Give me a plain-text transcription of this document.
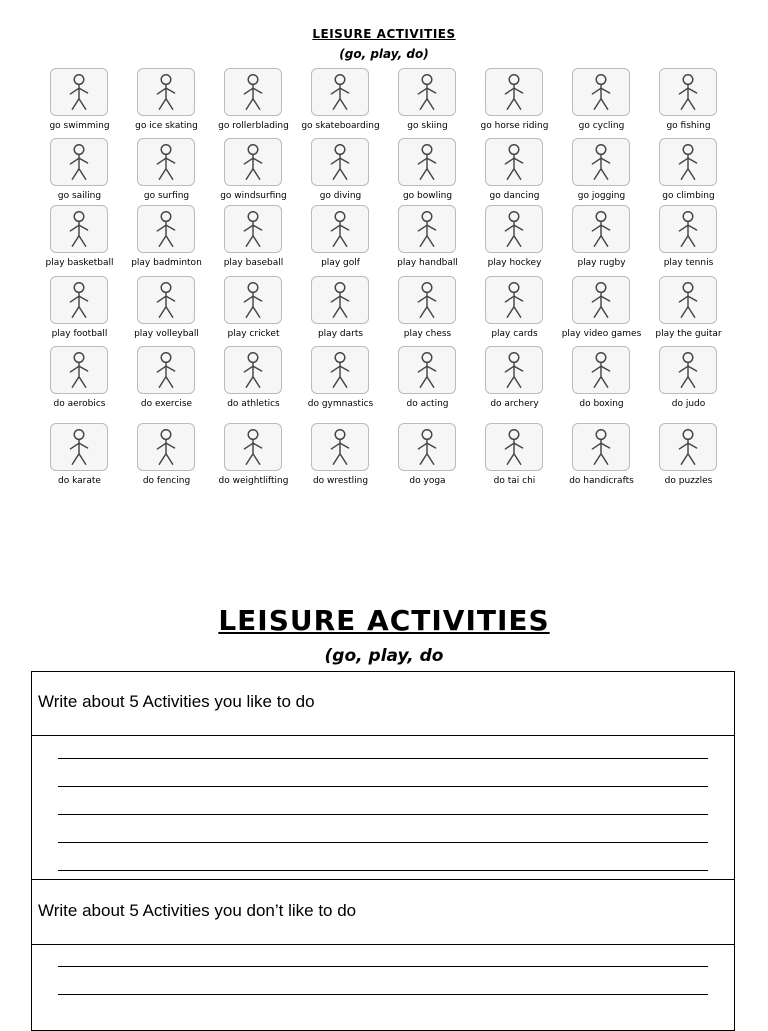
LEISURE ACTIVITIES
(go, play, do)
go swimming	go ice skating	go rollerblading	go skateboarding	go skiing	go horse riding	go cycling	go fishing
go sailing	go surfing	go windsurfing	go diving	go bowling	go dancing	go jogging	go climbing
play basketball	play badminton	play baseball	play golf	play handball	play hockey	play rugby	play tennis
play football	play volleyball	play cricket	play darts	play chess	play cards	play video games	play the guitar
do aerobics	do exercise	do athletics	do gymnastics	do acting	do archery	do boxing	do judo
do karate	do fencing	do weightlifting	do wrestling	do yoga	do tai chi	do handicrafts	do puzzles
LEISURE ACTIVITIES
(go, play, do
Write about 5 Activities you like to do
Write about 5 Activities you don’t like to do
